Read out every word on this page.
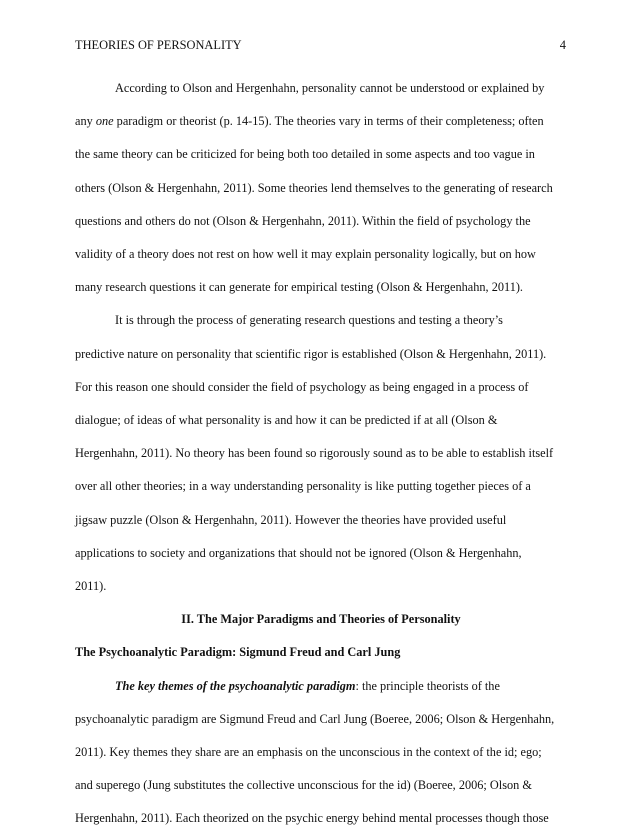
THEORIES OF PERSONALITY	4
According to Olson and Hergenhahn, personality cannot be understood or explained by
any one paradigm or theorist (p. 14-15). The theories vary in terms of their completeness; often
the same theory can be criticized for being both too detailed in some aspects and too vague in
others (Olson & Hergenhahn, 2011). Some theories lend themselves to the generating of research
questions and others do not (Olson & Hergenhahn, 2011). Within the field of psychology the
validity of a theory does not rest on how well it may explain personality logically, but on how
many research questions it can generate for empirical testing (Olson & Hergenhahn, 2011).
It is through the process of generating research questions and testing a theory’s
predictive nature on personality that scientific rigor is established (Olson & Hergenhahn, 2011).
For this reason one should consider the field of psychology as being engaged in a process of
dialogue; of ideas of what personality is and how it can be predicted if at all (Olson &
Hergenhahn, 2011). No theory has been found so rigorously sound as to be able to establish itself
over all other theories; in a way understanding personality is like putting together pieces of a
jigsaw puzzle (Olson & Hergenhahn, 2011). However the theories have provided useful
applications to society and organizations that should not be ignored (Olson & Hergenhahn,
2011).
II. The Major Paradigms and Theories of Personality
The Psychoanalytic Paradigm: Sigmund Freud and Carl Jung
The key themes of the psychoanalytic paradigm: the principle theorists of the
psychoanalytic paradigm are Sigmund Freud and Carl Jung (Boeree, 2006; Olson & Hergenhahn,
2011). Key themes they share are an emphasis on the unconscious in the context of the id; ego;
and superego (Jung substitutes the collective unconscious for the id) (Boeree, 2006; Olson &
Hergenhahn, 2011). Each theorized on the psychic energy behind mental processes though those
